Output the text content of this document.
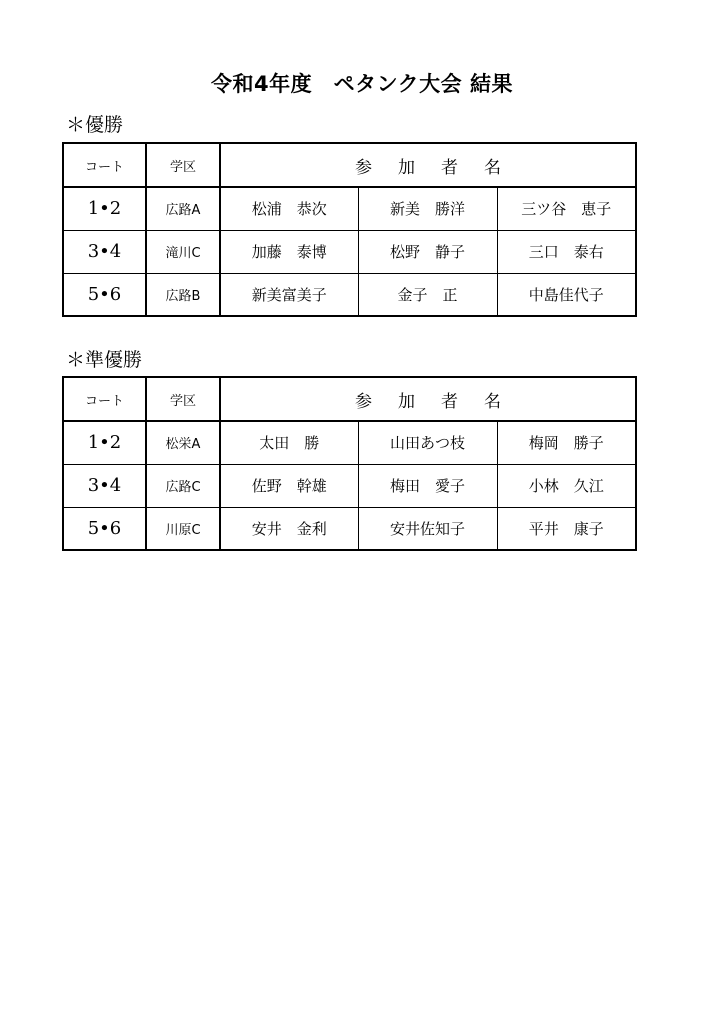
令和4年度　ペタンク大会 結果
＊優勝
コート	学区	参加者名		
1•2	広路A	松浦　恭次	新美　勝洋	三ツ谷　恵子
3•4	滝川C	加藤　泰博	松野　静子	三口　泰右
5•6	広路B	新美富美子	金子　正	中島佳代子
＊準優勝
コート	学区	参加者名		
1•2	松栄A	太田　勝	山田あつ枝	梅岡　勝子
3•4	広路C	佐野　幹雄	梅田　愛子	小林　久江
5•6	川原C	安井　金利	安井佐知子	平井　康子
